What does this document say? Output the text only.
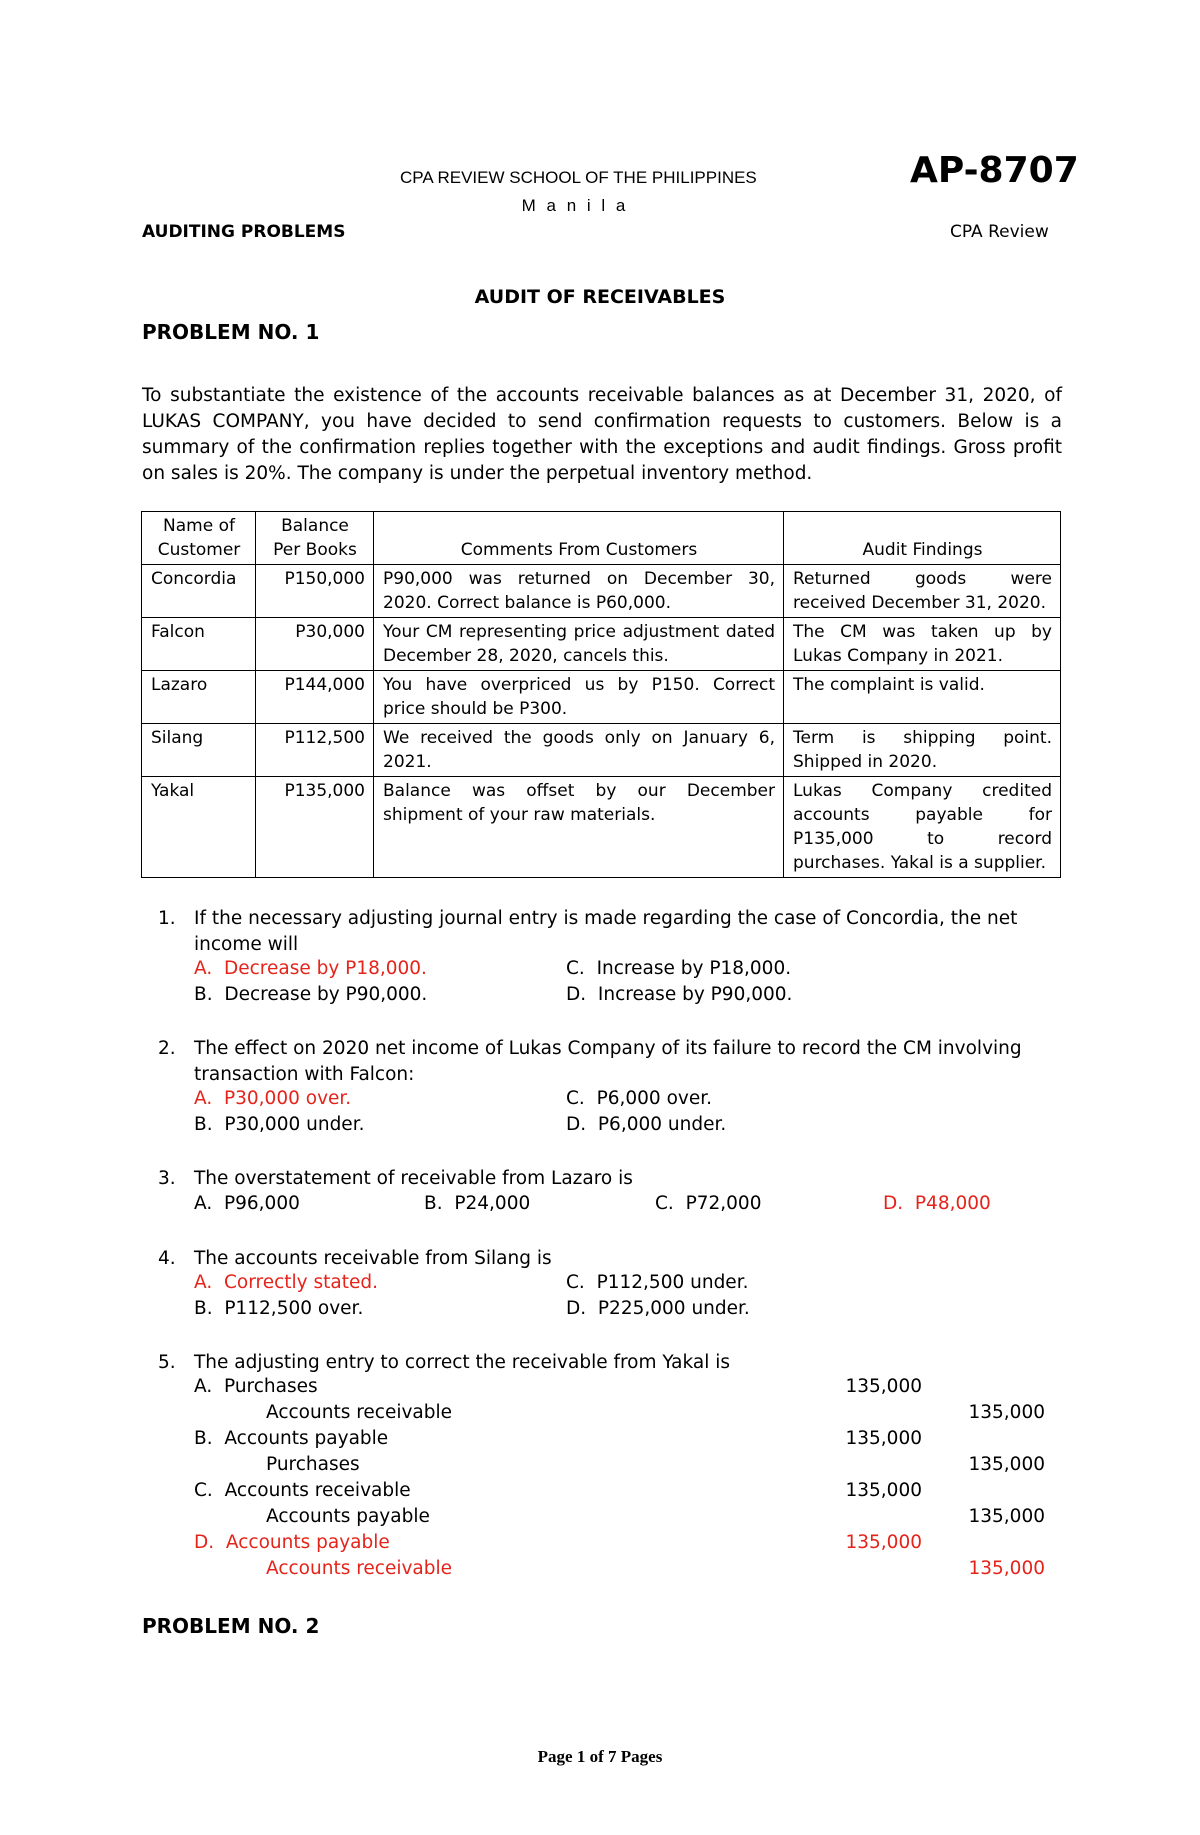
CPA REVIEW SCHOOL OF THE PHILIPPINES	AP-8707
M a n i l a
AUDITING PROBLEMS	CPA Review
AUDIT OF RECEIVABLES
PROBLEM NO. 1
To substantiate the existence of the accounts receivable balances as at December 31, 2020, of LUKAS COMPANY, you have decided to send confirmation requests to customers. Below is a summary of the confirmation replies together with the exceptions and audit findings. Gross profit on sales is 20%. The company is under the perpetual inventory method.
Name of Customer	Balance Per Books	Comments From Customers	Audit Findings
Concordia	P150,000	P90,000 was returned on December 30, 2020. Correct balance is P60,000.	Returned goods were received December 31, 2020.
Falcon	P30,000	Your CM representing price adjustment dated December 28, 2020, cancels this.	The CM was taken up by Lukas Company in 2021.
Lazaro	P144,000	You have overpriced us by P150. Correct price should be P300.	The complaint is valid.
Silang	P112,500	We received the goods only on January 6, 2021.	Term is shipping point. Shipped in 2020.
Yakal	P135,000	Balance was offset by our December shipment of your raw materials.	Lukas Company credited accounts payable for P135,000 to record purchases. Yakal is a supplier.
1. If the necessary adjusting journal entry is made regarding the case of Concordia, the net income will
A. Decrease by P18,000.	C. Increase by P18,000.
B. Decrease by P90,000.	D. Increase by P90,000.
2. The effect on 2020 net income of Lukas Company of its failure to record the CM involving transaction with Falcon:
A. P30,000 over.	C. P6,000 over.
B. P30,000 under.	D. P6,000 under.
3. The overstatement of receivable from Lazaro is
A. P96,000	B. P24,000	C. P72,000	D. P48,000
4. The accounts receivable from Silang is
A. Correctly stated.	C. P112,500 under.
B. P112,500 over.	D. P225,000 under.
5. The adjusting entry to correct the receivable from Yakal is
A. Purchases	135,000
Accounts receivable	135,000
B. Accounts payable	135,000
Purchases	135,000
C. Accounts receivable	135,000
Accounts payable	135,000
D. Accounts payable	135,000
Accounts receivable	135,000
PROBLEM NO. 2
Page 1 of 7 Pages
